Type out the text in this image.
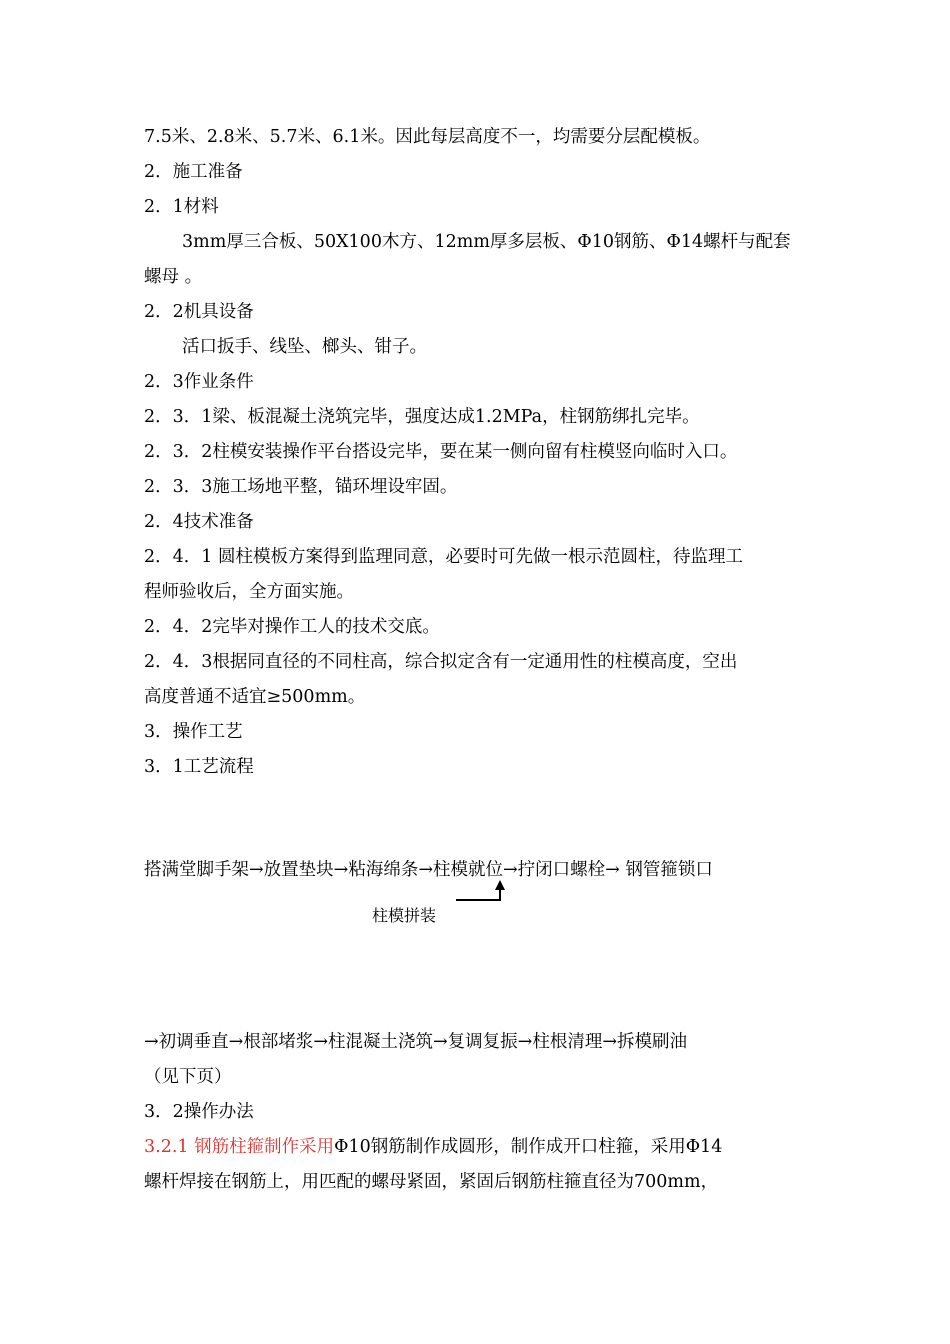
7.5米、2.8米、5.7米、6.1米。因此每层高度不一，均需要分层配模板。
2．施工准备
2．1材料
3mm厚三合板、50X100木方、12mm厚多层板、Φ10钢筋、Φ14螺杆与配套
螺母 。
2．2机具设备
活口扳手、线坠、榔头、钳子。
2．3作业条件
2．3．1梁、板混凝土浇筑完毕，强度达成1.2MPa，柱钢筋绑扎完毕。
2．3．2柱模安装操作平台搭设完毕，要在某一侧向留有柱模竖向临时入口。
2．3．3施工场地平整，锚环埋设牢固。
2．4技术准备
2．4．1 圆柱模板方案得到监理同意，必要时可先做一根示范圆柱，待监理工
程师验收后，全方面实施。
2．4．2完毕对操作工人的技术交底。
2．4．3根据同直径的不同柱高，综合拟定含有一定通用性的柱模高度，空出
高度普通不适宜≥500mm。
3．操作工艺
3．1工艺流程
搭满堂脚手架→放置垫块→粘海绵条→柱模就位→拧闭口螺栓→ 钢管箍锁口
柱模拼装
→初调垂直→根部堵浆→柱混凝土浇筑→复调复振→柱根清理→拆模刷油
（见下页）
3．2操作办法
3.2.1 钢筋柱箍制作采用Φ10钢筋制作成圆形，制作成开口柱箍，采用Φ14
螺杆焊接在钢筋上，用匹配的螺母紧固，紧固后钢筋柱箍直径为700mm，
